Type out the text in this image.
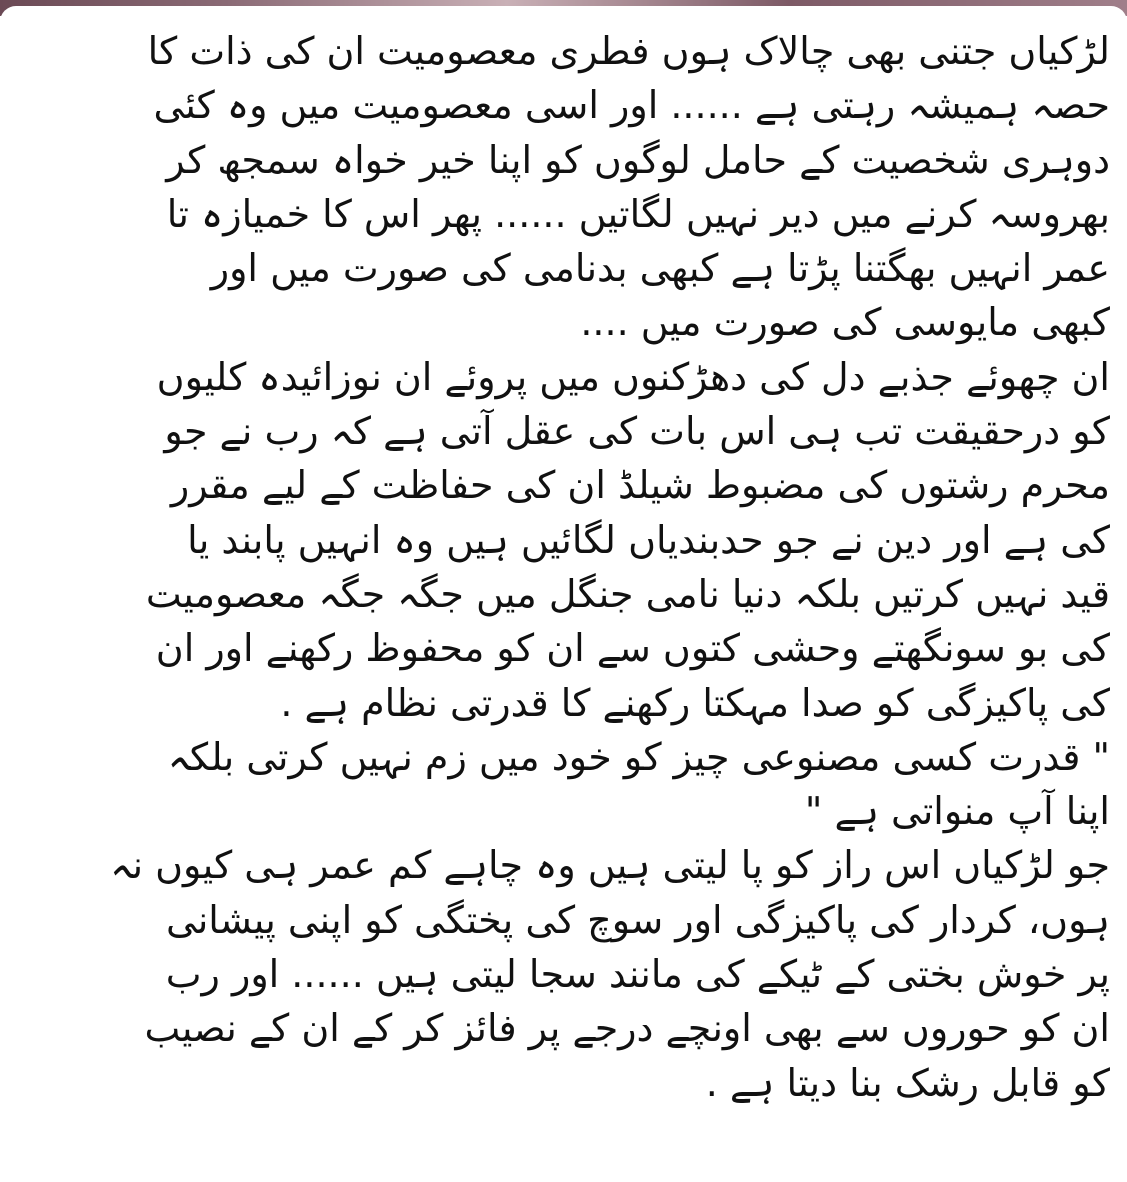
لڑکیاں جتنی بھی چالاک ہوں فطری معصومیت ان کی ذات کا
حصہ ہمیشہ رہتی ہے ...... اور اسی معصومیت میں وہ کئی
دوہری شخصیت کے حامل لوگوں کو اپنا خیر خواہ سمجھ کر
بھروسہ کرنے میں دیر نہیں لگاتیں ...... پھر اس کا خمیازہ تا
عمر انہیں بھگتنا پڑتا ہے کبھی بدنامی کی صورت میں اور
کبھی مایوسی کی صورت میں ....
ان چھوئے جذبے دل کی دھڑکنوں میں پروئے ان نوزائیدہ کلیوں
کو درحقیقت تب ہی اس بات کی عقل آتی ہے کہ رب نے جو
محرم رشتوں کی مضبوط شیلڈ ان کی حفاظت کے لیے مقرر
کی ہے اور دین نے جو حدبندیاں لگائیں ہیں وہ انہیں پابند یا
قید نہیں کرتیں بلکہ دنیا نامی جنگل میں جگہ جگہ معصومیت
کی بو سونگھتے وحشی کتوں سے ان کو محفوظ رکھنے اور ان
کی پاکیزگی کو صدا مہکتا رکھنے کا قدرتی نظام ہے .
" قدرت کسی مصنوعی چیز کو خود میں زم نہیں کرتی بلکہ
اپنا آپ منواتی ہے "
جو لڑکیاں اس راز کو پا لیتی ہیں وہ چاہے کم عمر ہی کیوں نہ
ہوں، کردار کی پاکیزگی اور سوچ کی پختگی کو اپنی پیشانی
پر خوش بختی کے ٹیکے کی مانند سجا لیتی ہیں ...... اور رب
ان کو حوروں سے بھی اونچے درجے پر فائز کر کے ان کے نصیب
کو قابل رشک بنا دیتا ہے .
